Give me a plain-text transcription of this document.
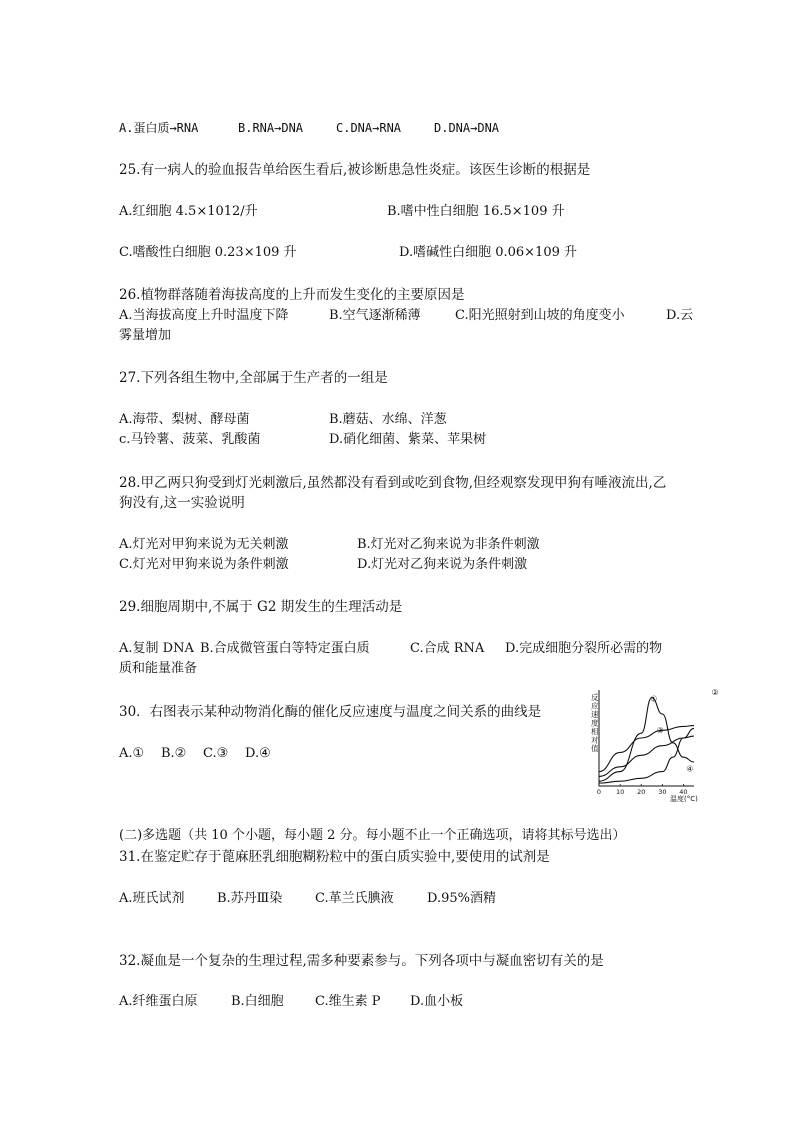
A.蛋白质→RNA	B.RNA→DNA	C.DNA→RNA	D.DNA→DNA
25.有一病人的验血报告单给医生看后,被诊断患急性炎症。该医生诊断的根据是
A.红细胞 4.5×1012/升	B.嗜中性白细胞 16.5×109 升
C.嗜酸性白细胞 0.23×109 升	D.嗜碱性白细胞 0.06×109 升
26.植物群落随着海拔高度的上升而发生变化的主要原因是
A.当海拔高度上升时温度下降	B.空气逐渐稀薄	C.阳光照射到山坡的角度变小	D.云
雾量增加
27.下列各组生物中,全部属于生产者的一组是
A.海带、梨树、酵母菌	B.蘑菇、水绵、洋葱
c.马铃薯、菠菜、乳酸菌	D.硝化细菌、紫菜、苹果树
28.甲乙两只狗受到灯光刺激后,虽然都没有看到或吃到食物,但经观察发现甲狗有唾液流出,乙
狗没有,这一实验说明
A.灯光对甲狗来说为无关刺激	B.灯光对乙狗来说为非条件刺激
C.灯光对甲狗来说为条件刺激	D.灯光对乙狗来说为条件刺激
29.细胞周期中,不属于 G2 期发生的生理活动是
A.复制 DNA B.合成微管蛋白等特定蛋白质	C.合成 RNA D.完成细胞分裂所必需的物
质和能量准备
30．右图表示某种动物消化酶的催化反应速度与温度之间关系的曲线是
A.① B.② C.③ D.④
①
②
③
④
0 10 20 30 40
反应速度相对值
温度(°C)
(二)多选题（共 10 个小题，每小题 2 分。每小题不止一个正确选项，请将其标号选出）
31.在鉴定贮存于蓖麻胚乳细胞糊粉粒中的蛋白质实验中,要使用的试剂是
A.班氏试剂 B.苏丹Ⅲ染	C.革兰氏腆液	D.95%酒精
32.凝血是一个复杂的生理过程,需多种要素参与。下列各项中与凝血密切有关的是
A.纤维蛋白原	B.白细胞 C.维生素 P D.血小板
